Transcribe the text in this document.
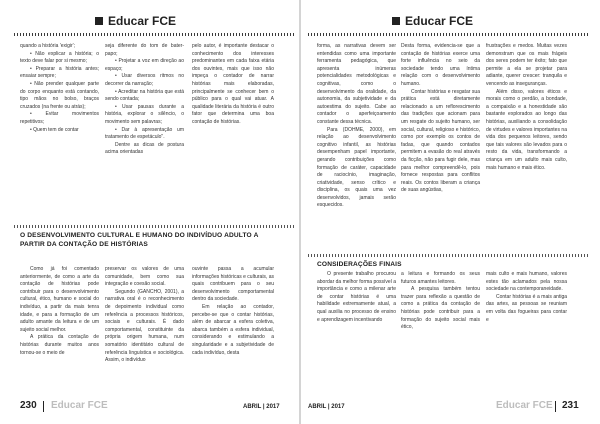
Educar FCE

quando a história 'exigir';

• Não explicar a história; o texto deve falar por si mesmo;

• Preparar a história antes; ensaiar sempre;

• Não prender qualquer parte do corpo enquanto está contando, tipo mãos no bolso, braços cruzados (na frente ou atrás);

• Evitar movimentos repetitivos;

• Quem tem de contar

seja diferente do tom de bater-papo;

• Projetar a voz em direção ao espaço;

• Usar diversos ritmos no decorrer da narração;

• Acreditar na história que está sendo contada;

• Usar pausas durante a história, explorar o silêncio, o movimento sem palavras;

• Dar à apresentação um tratamento de espetáculo".

Dentre as dicas de postura acima orientadas

pelo autor, é importante destacar o conhecimento dos interesses predominantes em cada faixa etária dos ouvintes, mais que isso não impeça o contador de narrar histórias mais elaboradas, principalmente se conhecer bem o público para o qual vai atuar. A qualidade literária da história é outro fator que determina uma boa contação de histórias.

O DESENVOLVIMENTO CULTURAL E HUMANO DO INDIVÍDUO ADULTO A PARTIR DA CONTAÇÃO DE HISTÓRIAS

Como já foi comentado anteriormente, de como a arte da contação de histórias pode contribuir para o desenvolvimento cultural, ético, humano e social do indivíduo, a partir da mais tenra idade, e para a formação de um adulto amante da leitura e de um sujeito social melhor.

A prática da contação de histórias durante muitos anos tornou-se o meio de

preservar os valores de uma comunidade, bem como sua integração e coesão social.

Segundo (GANCHO, 2001), a narrativa oral é o reconhecimento de depoimento individual como referência a processos históricos, sociais e culturais. É dado comportamental, constituinte da própria origem humana, num somatório identitário cultural de referência linguística e sociológica. Assim, o indivíduo

ouvinte passa a acumular informações históricas e culturais, as quais contribuem para o seu desenvolvimento comportamental dentro da sociedade.

Em relação ao contador, percebe-se que o contar histórias, além de abarcar a esfera coletiva, abarca também a esfera individual, considerando e estimulando a singularidade e a subjetividade de cada indivíduo, desta

230 Educar FCE	ABRIL | 2017
Educar FCE

forma, as narrativas devem ser entendidas como uma importante ferramenta pedagógica, que apresenta inúmeras potencialidades metodológicas e cognitivas, como o desenvolvimento da oralidade, da autonomia, da subjetividade e da autoestima do sujeito. Cabe ao contador o aperfeiçoamento constante dessa técnica.

Para (DOHME, 2000), em relação ao desenvolvimento cognitivo infantil, as histórias desempenham papel importante, gerando contribuições como formação de caráter, capacidade de raciocínio, imaginação, criatividade, senso crítico e disciplina, os quais uma vez desenvolvidos, jamais serão esquecidos.

Desta forma, evidencia-se que a contação de histórias exerce uma forte influência no seio da sociedade tendo uma íntima relação com o desenvolvimento humano.

Contar histórias e resgatar sua prática está diretamente relacionado a um reflorescimento das tradições que acionam para um resgate do sujeito humano, ser social, cultural, religioso e histórico, como por exemplo os contos de fadas, que quando contados permitem a evasão do real através da ficção, não para fugir dele, mas para melhor compreendê-lo, pois fornece respostas para conflitos reais. Os contos liberam a criança de suas angústias,

frustrações e medos. Muitas vezes demonstram que os mais frágeis dos seres podem ter êxito; fato que permite a ela se projetar para adiante, querer crescer: tranquila e vencendo as inseguranças.

Além disso, valores éticos e morais como o perdão, a bondade, a compaixão e a honestidade são bastante explorados ao longo das histórias, auxiliando a consolidação de virtudes e valores importantes na vida dos pequenos leitores, sendo que tais valores são levados para o resto da vida, transformando a criança em um adulto mais culto, mais humano e mais ético.

CONSIDERAÇÕES FINAIS

O presente trabalho procurou abordar da melhor forma possível a importância e como a milenar arte de contar histórias é uma habilidade extremamente atual, a qual auxilia no processo de ensino e aprendizagem incentivando

a leitura e formando os seus futuros amantes leitores.

A pesquisa também tentou trazer para reflexão a questão de como a prática da contação de histórias pode contribuir para a formação do sujeito social mais ético,

mais culto e mais humano, valores estes tão aclamados pela nossa sociedade na contemporaneidade.

Contar histórias é a mais antiga das artes, as pessoas se reuniam em volta das fogueiras para contar e

ABRIL | 2017	Educar FCE 231
